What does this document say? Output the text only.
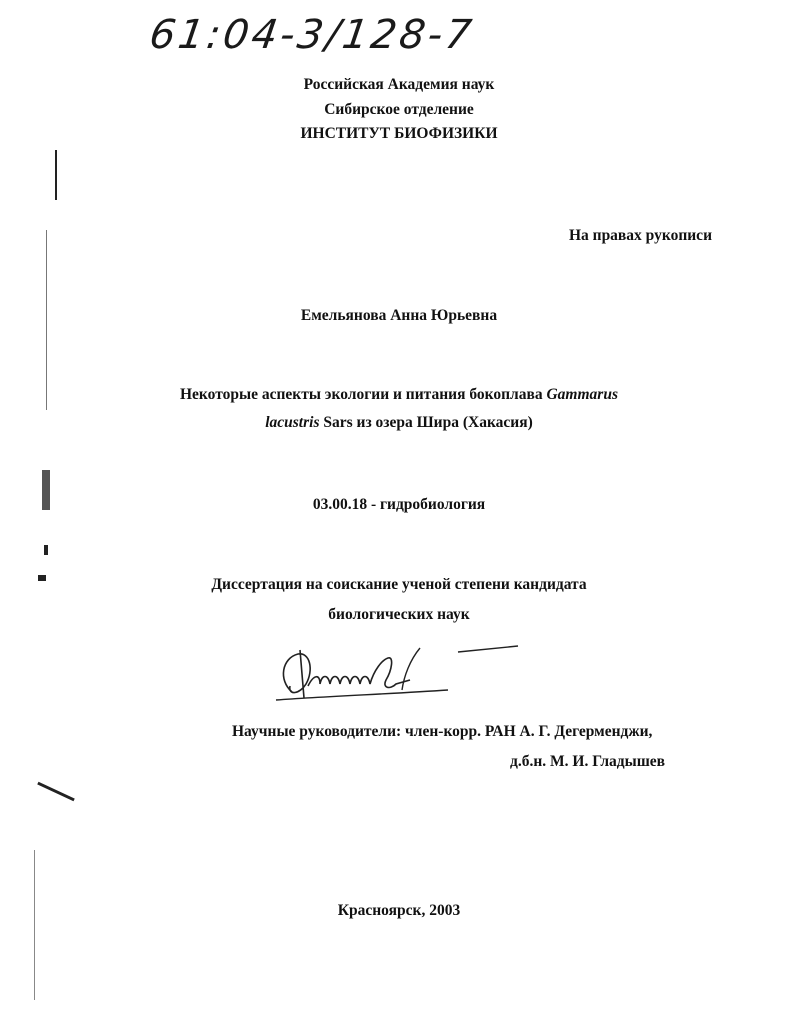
61:04-3/128-7
Российская Академия наук
Сибирское отделение
ИНСТИТУТ БИОФИЗИКИ
На правах рукописи
Емельянова Анна Юрьевна
Некоторые аспекты экологии и питания бокоплава Gammarus
lacustris Sars из озера Шира (Хакасия)
03.00.18 - гидробиология
Диссертация на соискание ученой степени кандидата
биологических наук
Научные руководители: член-корр. РАН А. Г. Дегерменджи,
д.б.н. М. И. Гладышев
Красноярск, 2003
